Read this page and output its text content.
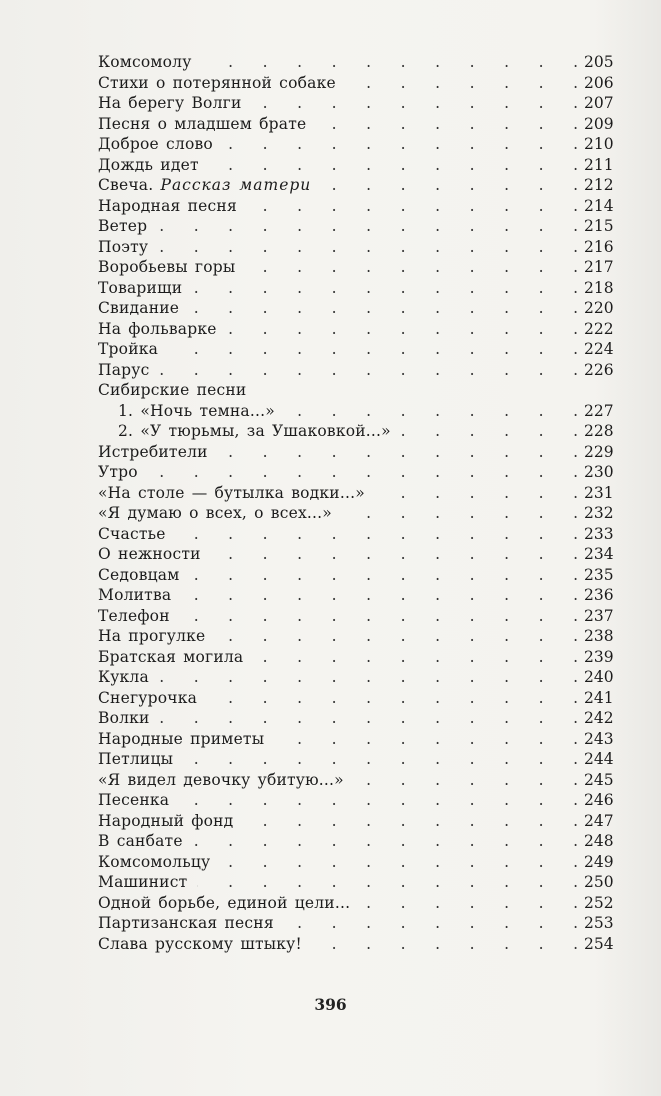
Комсомолу .	205
Стихи о потерянной собаке .	206
На берегу Волги .	207
Песня о младшем брате .	209
Доброе слово .	210
Дождь идет .	211
Свеча. Рассказ матери .	212
Народная песня .	214
Ветер .	215
Поэту .	216
Воробьевы горы .	217
Товарищи .	218
Свидание .	220
На фольварке .	222
Тройка .	224
Парус .	226
Сибирские песни
1. «Ночь темна...» .	227
2. «У тюрьмы, за Ушаковкой...» .	228
Истребители .	229
Утро .	230
«На столе — бутылка водки...» .	231
«Я думаю о всех, о всех...» .	232
Счастье .	233
О нежности .	234
Седовцам .	235
Молитва .	236
Телефон .	237
На прогулке .	238
Братская могила .	239
Кукла .	240
Снегурочка .	241
Волки .	242
Народные приметы .	243
Петлицы .	244
«Я видел девочку убитую...» .	245
Песенка .	246
Народный фонд .	247
В санбате .	248
Комсомольцу .	249
Машинист .	250
Одной борьбе, единой цели... .	252
Партизанская песня .	253
Слава русскому штыку! .	254
396
